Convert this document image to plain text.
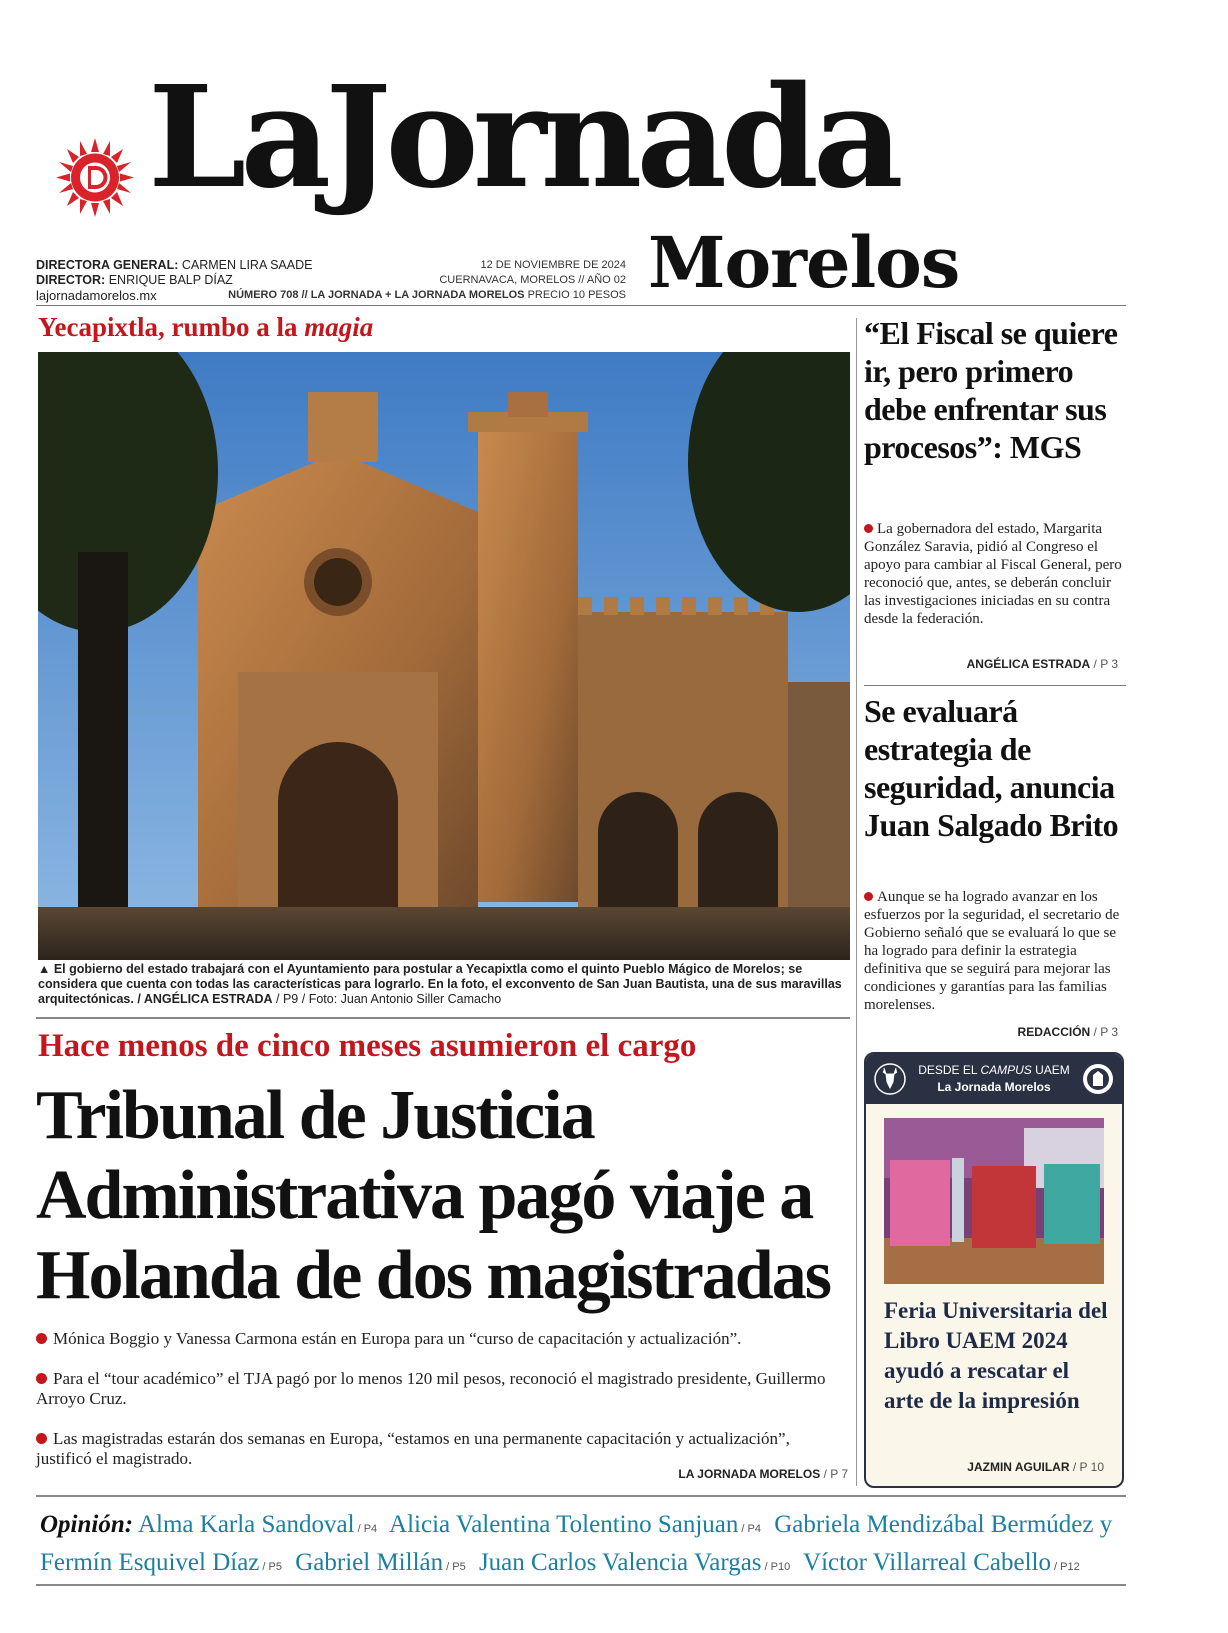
LaJornada
Morelos
DIRECTORA GENERAL: CARMEN LIRA SAADE
DIRECTOR: ENRIQUE BALP DÍAZ
lajornadamorelos.mx
12 DE NOVIEMBRE DE 2024
CUERNAVACA, MORELOS // AÑO 02
NÚMERO 708 // LA JORNADA + LA JORNADA MORELOS PRECIO 10 PESOS
Yecapixtla, rumbo a la magia
▲ El gobierno del estado trabajará con el Ayuntamiento para postular a Yecapixtla como el quinto Pueblo Mágico de Morelos; se considera que cuenta con todas las características para lograrlo. En la foto, el exconvento de San Juan Bautista, una de sus maravillas arquitectónicas. / ANGÉLICA ESTRADA / P9 / Foto: Juan Antonio Siller Camacho
Hace menos de cinco meses asumieron el cargo
Tribunal de Justicia Administrativa pagó viaje a Holanda de dos magistradas
Mónica Boggio y Vanessa Carmona están en Europa para un “curso de capacitación y actualización”.
Para el “tour académico” el TJA pagó por lo menos 120 mil pesos, reconoció el magistrado presidente, Guillermo Arroyo Cruz.
Las magistradas estarán dos semanas en Europa, “estamos en una permanente capacitación y actualización”, justificó el magistrado.
LA JORNADA MORELOS / P 7
“El Fiscal se quiere ir, pero primero debe enfrentar sus procesos”: MGS
La gobernadora del estado, Margarita González Saravia, pidió al Congreso el apoyo para cambiar al Fiscal General, pero reconoció que, antes, se deberán concluir las investigaciones iniciadas en su contra desde la federación.
ANGÉLICA ESTRADA / P 3
Se evaluará estrategia de seguridad, anuncia Juan Salgado Brito
Aunque se ha logrado avanzar en los esfuerzos por la seguridad, el secretario de Gobierno señaló que se evaluará lo que se ha logrado para definir la estrategia definitiva que se seguirá para mejorar las condiciones y garantías para las familias morelenses.
REDACCIÓN / P 3
DESDE EL CAMPUS UAEM
La Jornada Morelos
Feria Universitaria del Libro UAEM 2024 ayudó a rescatar el arte de la impresión
JAZMIN AGUILAR / P 10
Opinión: Alma Karla Sandoval / P4 Alicia Valentina Tolentino Sanjuan / P4 Gabriela Mendizábal Bermúdez y Fermín Esquivel Díaz / P5 Gabriel Millán / P5 Juan Carlos Valencia Vargas / P10 Víctor Villarreal Cabello / P12
